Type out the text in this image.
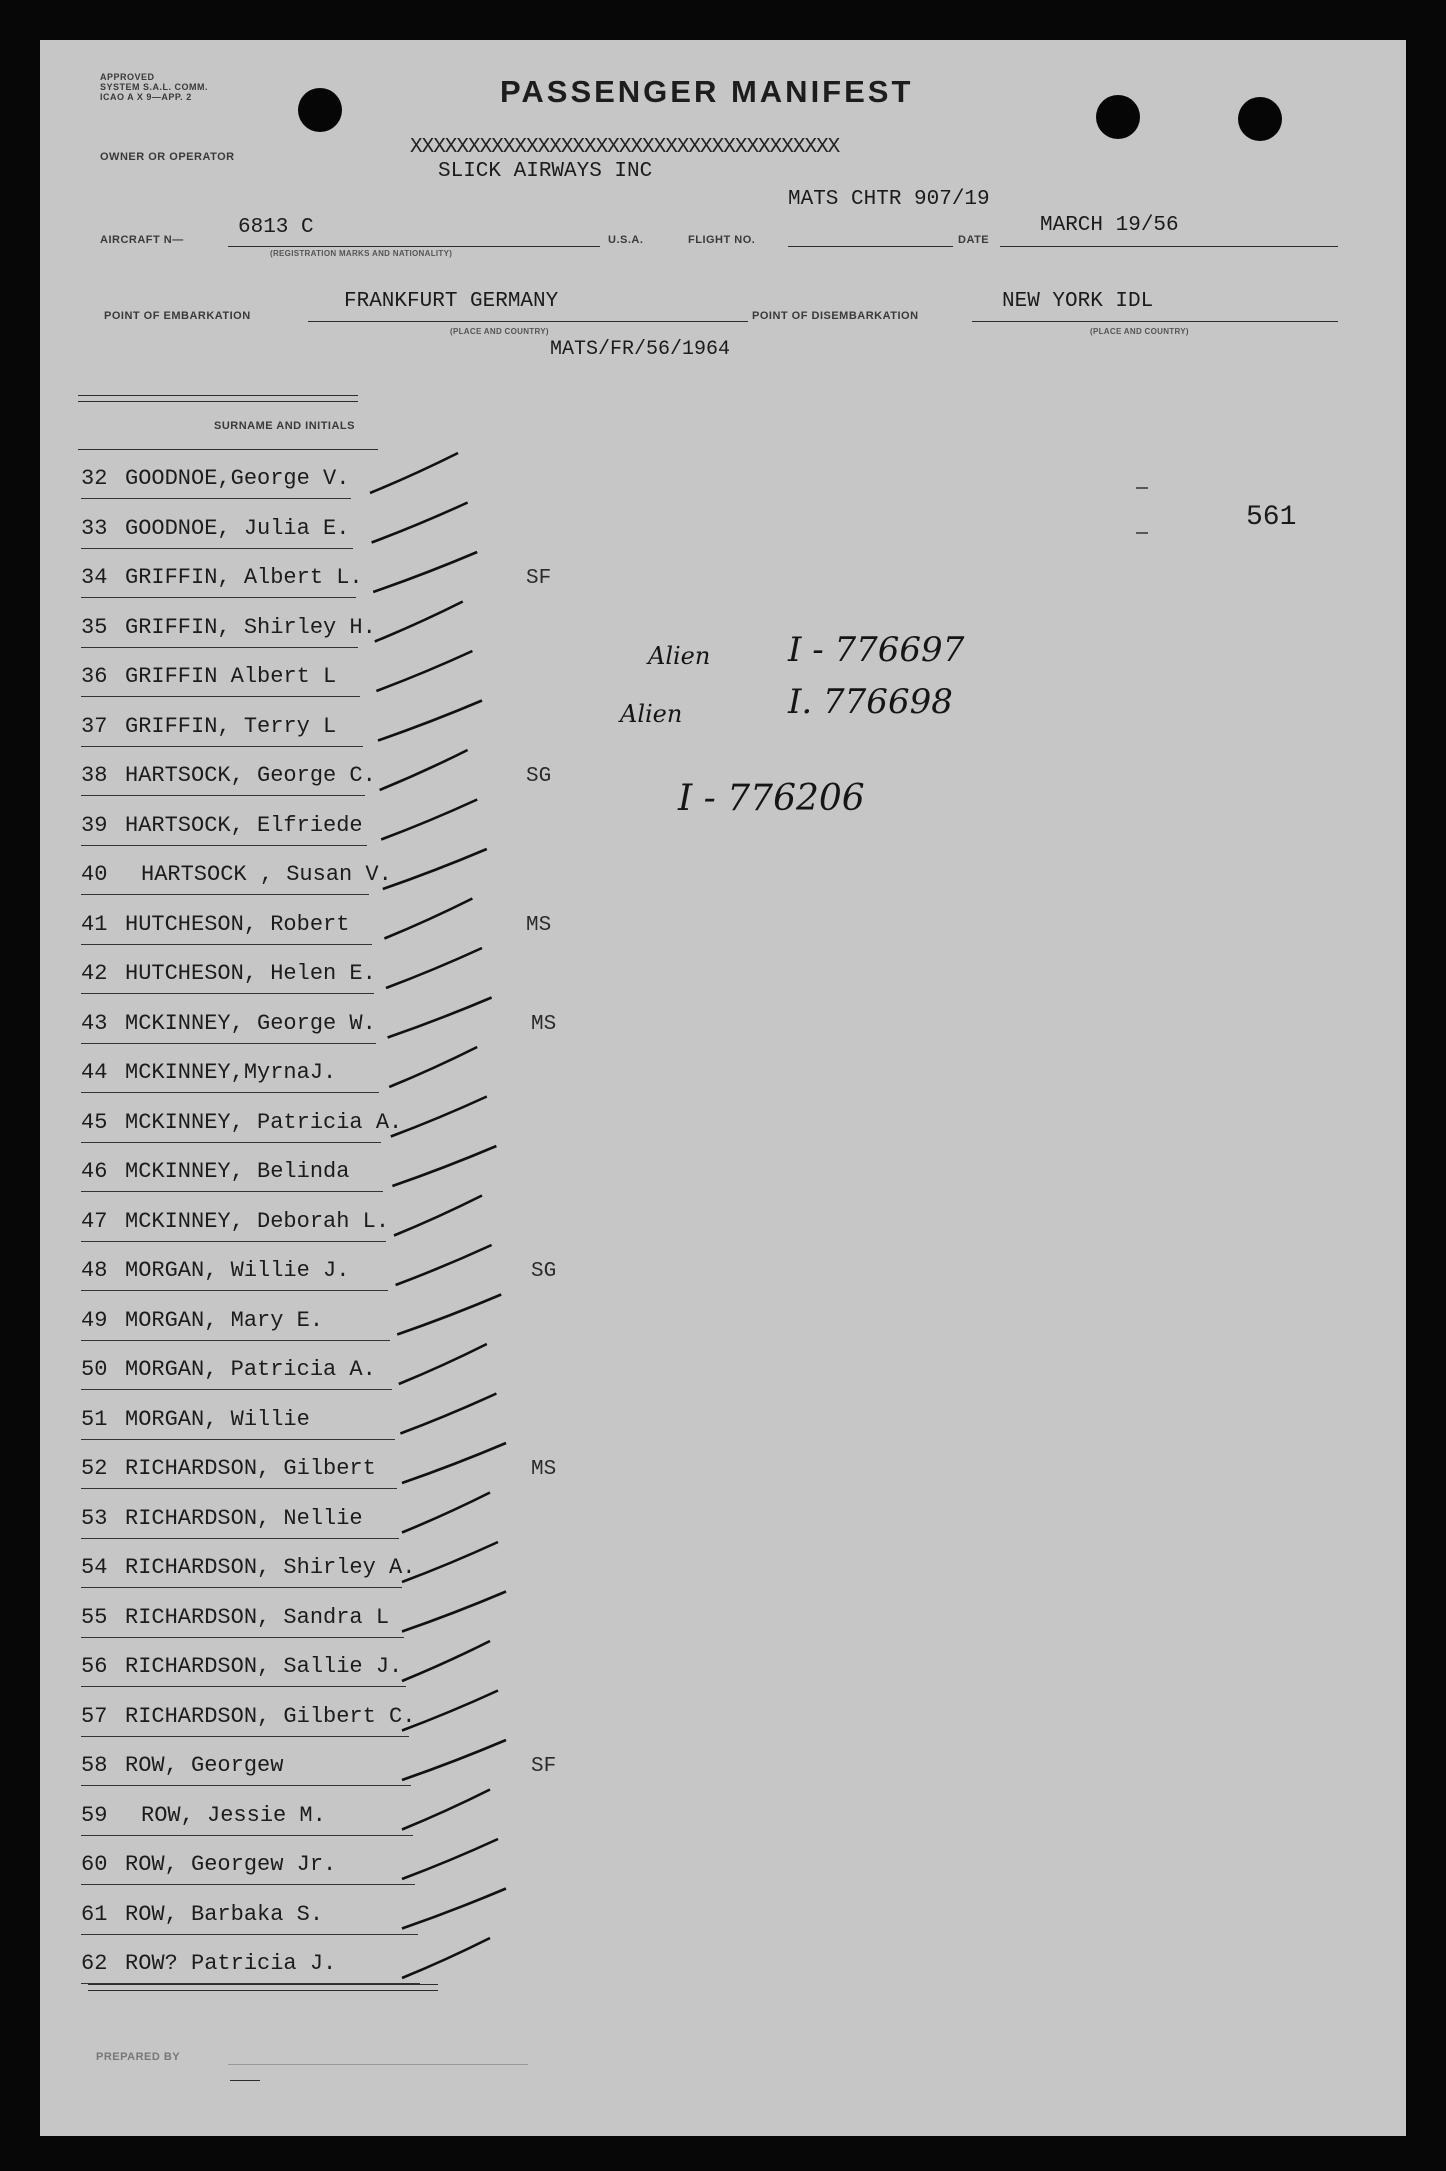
APPROVED
SYSTEM S.A.L. COMM.
ICAO A X 9—APP. 2	PASSENGER MANIFEST
OWNER OR OPERATOR	XXXXXXXXXXXXXXXXXXXXXXXXXXXXXXXXXXXXX
SLICK AIRWAYS INC
MATS CHTR 907/19
AIRCRAFT N—
6813 C
(REGISTRATION MARKS AND NATIONALITY)
U.S.A.	FLIGHT NO.	DATE
MARCH 19/56
POINT OF EMBARKATION
FRANKFURT GERMANY
(PLACE AND COUNTRY)
POINT OF DISEMBARKATION
NEW YORK IDL
(PLACE AND COUNTRY)
MATS/FR/56/1964
SURNAME AND INITIALS
561
32 GOODNOE,George V.
33 GOODNOE, Julia E.
34 GRIFFIN, Albert L.	SF
35 GRIFFIN, Shirley H.
36 GRIFFIN Albert L
37 GRIFFIN, Terry L
38 HARTSOCK, George C.	SG
39 HARTSOCK, Elfriede
40 HARTSOCK , Susan V.
41 HUTCHESON, Robert	MS
42 HUTCHESON, Helen E.
43 MCKINNEY, George W.	MS
44 MCKINNEY,MyrnaJ.
45 MCKINNEY, Patricia A.
46 MCKINNEY, Belinda
47 MCKINNEY, Deborah L.
48 MORGAN, Willie J.	SG
49 MORGAN, Mary E.
50 MORGAN, Patricia A.
51 MORGAN, Willie
52 RICHARDSON, Gilbert	MS
53 RICHARDSON, Nellie
54 RICHARDSON, Shirley A.
55 RICHARDSON, Sandra L
56 RICHARDSON, Sallie J.
57 RICHARDSON, Gilbert C.
58 ROW, Georgew	SF
59 ROW, Jessie M.
60 ROW, Georgew Jr.
61 ROW, Barbaka S.
62 ROW? Patricia J.
Alien I - 776697
Alien	I. 776698
I - 776206
PREPARED BY
